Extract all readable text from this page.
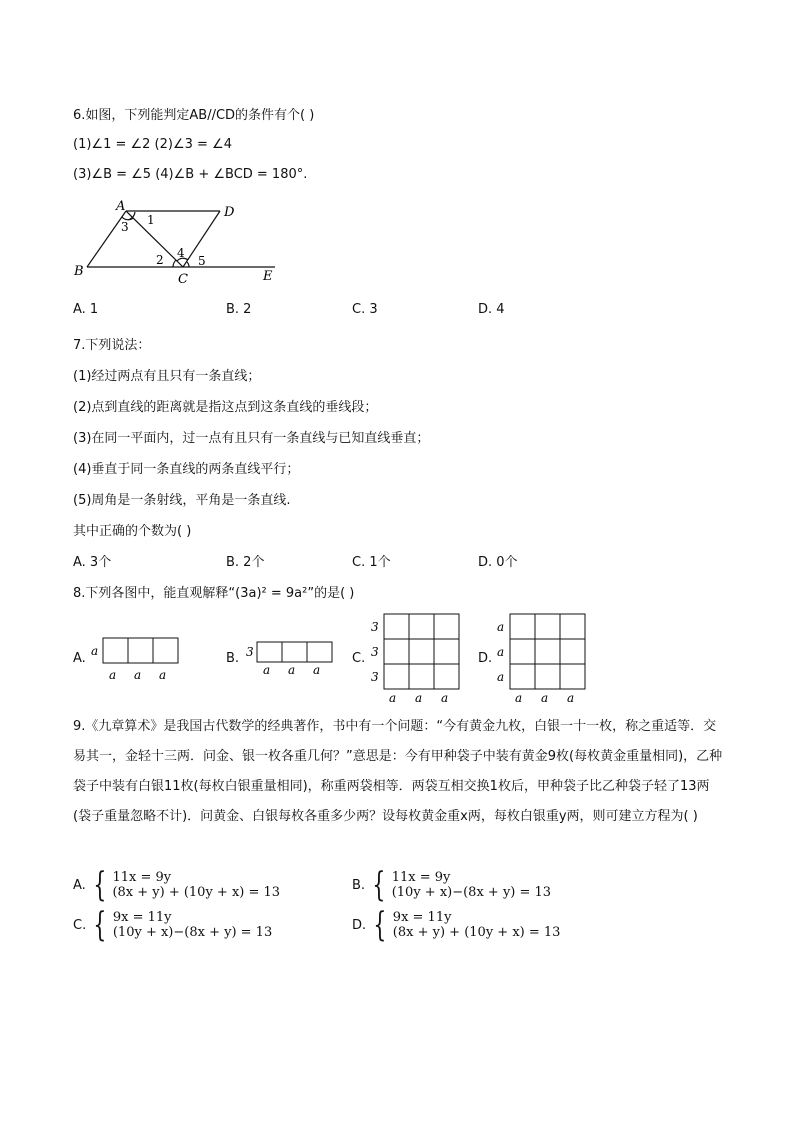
6.如图，下列能判定AB//CD的条件有个( )
(1)∠1 = ∠2 (2)∠3 = ∠4
(3)∠B = ∠5 (4)∠B + ∠BCD = 180°.
A	D
B
C	E
1
3
2 4
5
A. 1	B. 2	C. 3	D. 4
7.下列说法：
(1)经过两点有且只有一条直线；
(2)点到直线的距离就是指这点到这条直线的垂线段；
(3)在同一平面内，过一点有且只有一条直线与已知直线垂直；
(4)垂直于同一条直线的两条直线平行；
(5)周角是一条射线，平角是一条直线.
其中正确的个数为( )
A. 3个	B. 2个	C. 1个	D. 0个
8.下列各图中，能直观解释“(3a)² = 9a²”的是( )
A. a
a a a
B. 3
a a a
C.
3
3
3
a a a
D.
a
a
a
a a a
9.《九章算术》是我国古代数学的经典著作，书中有一个问题：“今有黄金九枚，白银一十一枚，称之重适等．交易其一，金轻十三两．问金、银一枚各重几何？”意思是：今有甲种袋子中装有黄金9枚(每枚黄金重量相同)，乙种袋子中装有白银11枚(每枚白银重量相同)，称重两袋相等．两袋互相交换1枚后，甲种袋子比乙种袋子轻了13两(袋子重量忽略不计)．问黄金、白银每枚各重多少两？设每枚黄金重x两，每枚白银重y两，则可建立方程为( )
A. { 11x = 9y
(8x + y) + (10y + x) = 13	B. { 11x = 9y
(10y + x)−(8x + y) = 13
C. { 9x = 11y
(10y + x)−(8x + y) = 13	D. { 9x = 11y
(8x + y) + (10y + x) = 13
